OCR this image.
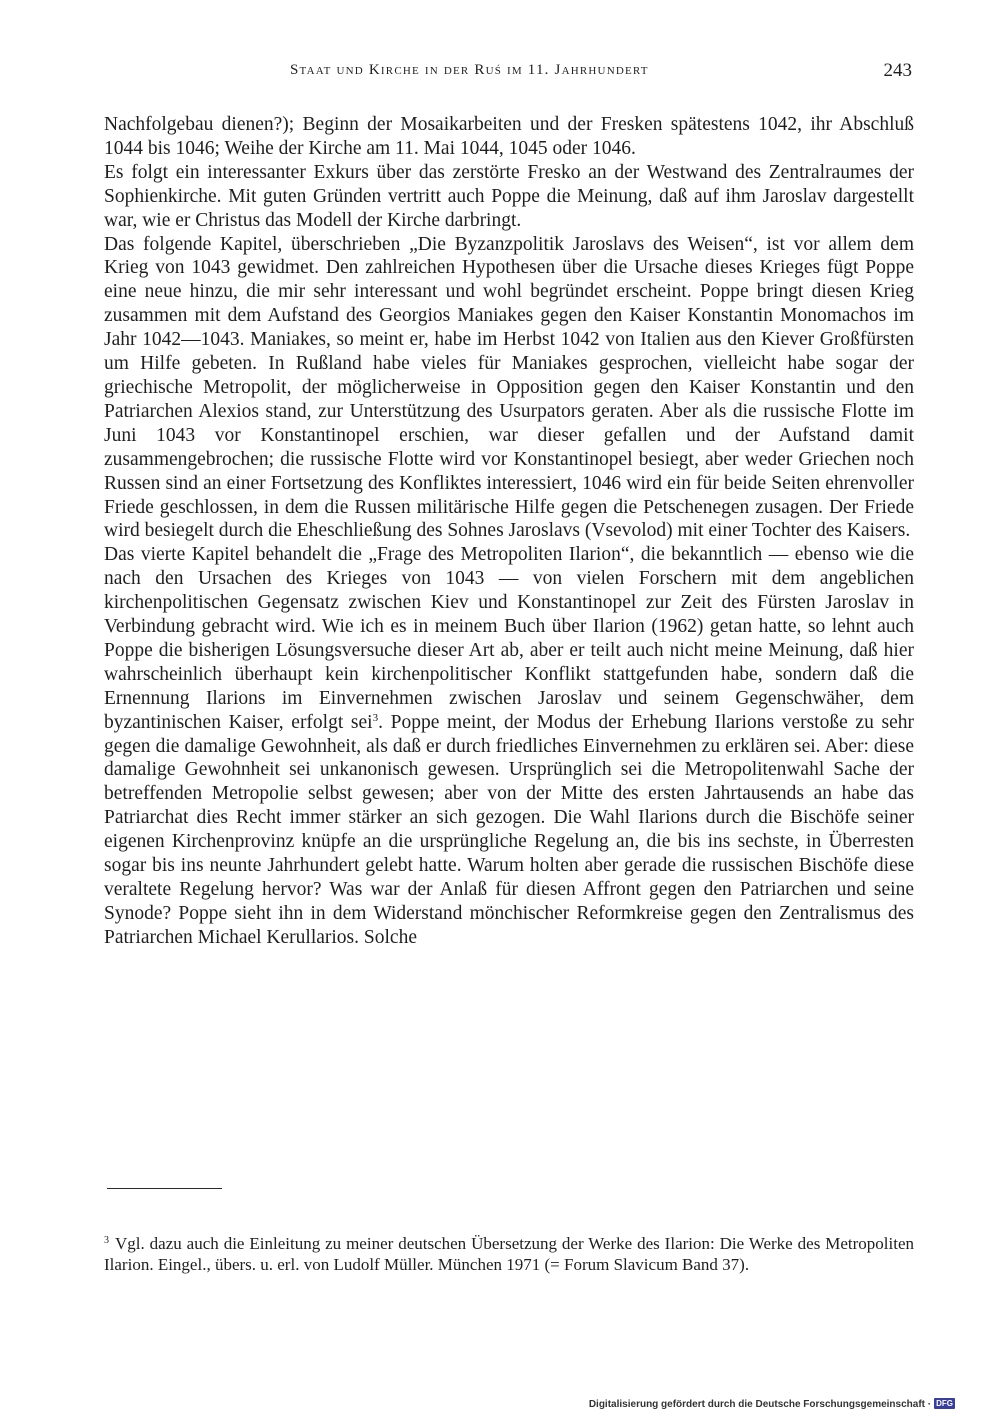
Staat und Kirche in der Ruś im 11. Jahrhundert	243

Nachfolgebau dienen?); Beginn der Mosaikarbeiten und der Fresken spätestens 1042, ihr Abschluß 1044 bis 1046; Weihe der Kirche am 11. Mai 1044, 1045 oder 1046.

Es folgt ein interessanter Exkurs über das zerstörte Fresko an der Westwand des Zentralraumes der Sophienkirche. Mit guten Gründen vertritt auch Poppe die Meinung, daß auf ihm Jaroslav dargestellt war, wie er Christus das Modell der Kirche darbringt.

Das folgende Kapitel, überschrieben „Die Byzanzpolitik Jaroslavs des Weisen“, ist vor allem dem Krieg von 1043 gewidmet. Den zahlreichen Hypothesen über die Ursache dieses Krieges fügt Poppe eine neue hinzu, die mir sehr interessant und wohl begründet erscheint. Poppe bringt diesen Krieg zusammen mit dem Aufstand des Georgios Maniakes gegen den Kaiser Konstantin Monomachos im Jahr 1042—1043. Maniakes, so meint er, habe im Herbst 1042 von Italien aus den Kiever Großfürsten um Hilfe gebeten. In Rußland habe vieles für Maniakes gesprochen, vielleicht habe sogar der griechische Metropolit, der möglicherweise in Opposition gegen den Kaiser Konstantin und den Patriarchen Alexios stand, zur Unterstützung des Usurpators geraten. Aber als die russische Flotte im Juni 1043 vor Konstantinopel erschien, war dieser gefallen und der Aufstand damit zusammengebrochen; die russische Flotte wird vor Konstantinopel besiegt, aber weder Griechen noch Russen sind an einer Fortsetzung des Konfliktes interessiert, 1046 wird ein für beide Seiten ehrenvoller Friede geschlossen, in dem die Russen militärische Hilfe gegen die Petschenegen zusagen. Der Friede wird besiegelt durch die Eheschließung des Sohnes Jaroslavs (Vsevolod) mit einer Tochter des Kaisers.

Das vierte Kapitel behandelt die „Frage des Metropoliten Ilarion“, die bekanntlich — ebenso wie die nach den Ursachen des Krieges von 1043 — von vielen Forschern mit dem angeblichen kirchenpolitischen Gegensatz zwischen Kiev und Konstantinopel zur Zeit des Fürsten Jaroslav in Verbindung gebracht wird. Wie ich es in meinem Buch über Ilarion (1962) getan hatte, so lehnt auch Poppe die bisherigen Lösungsversuche dieser Art ab, aber er teilt auch nicht meine Meinung, daß hier wahrscheinlich überhaupt kein kirchenpolitischer Konflikt stattgefunden habe, sondern daß die Ernennung Ilarions im Einvernehmen zwischen Jaroslav und seinem Gegenschwäher, dem byzantinischen Kaiser, erfolgt sei$^3$. Poppe meint, der Modus der Erhebung Ilarions verstoße zu sehr gegen die damalige Gewohnheit, als daß er durch friedliches Einvernehmen zu erklären sei. Aber: diese damalige Gewohnheit sei unkanonisch gewesen. Ursprünglich sei die Metropolitenwahl Sache der betreffenden Metropolie selbst gewesen; aber von der Mitte des ersten Jahrtausends an habe das Patriarchat dies Recht immer stärker an sich gezogen. Die Wahl Ilarions durch die Bischöfe seiner eigenen Kirchenprovinz knüpfe an die ursprüngliche Regelung an, die bis ins sechste, in Überresten sogar bis ins neunte Jahrhundert gelebt hatte. Warum holten aber gerade die russischen Bischöfe diese veraltete Regelung hervor? Was war der Anlaß für diesen Affront gegen den Patriarchen und seine Synode? Poppe sieht ihn in dem Widerstand mönchischer Reformkreise gegen den Zentralismus des Patriarchen Michael Kerullarios. Solche

$^3$ Vgl. dazu auch die Einleitung zu meiner deutschen Übersetzung der Werke des Ilarion: Die Werke des Metropoliten Ilarion. Eingel., übers. u. erl. von Ludolf Müller. München 1971 (= Forum Slavicum Band 37).
Digitalisierung gefördert durch die Deutsche Forschungsgemeinschaft · DFG
